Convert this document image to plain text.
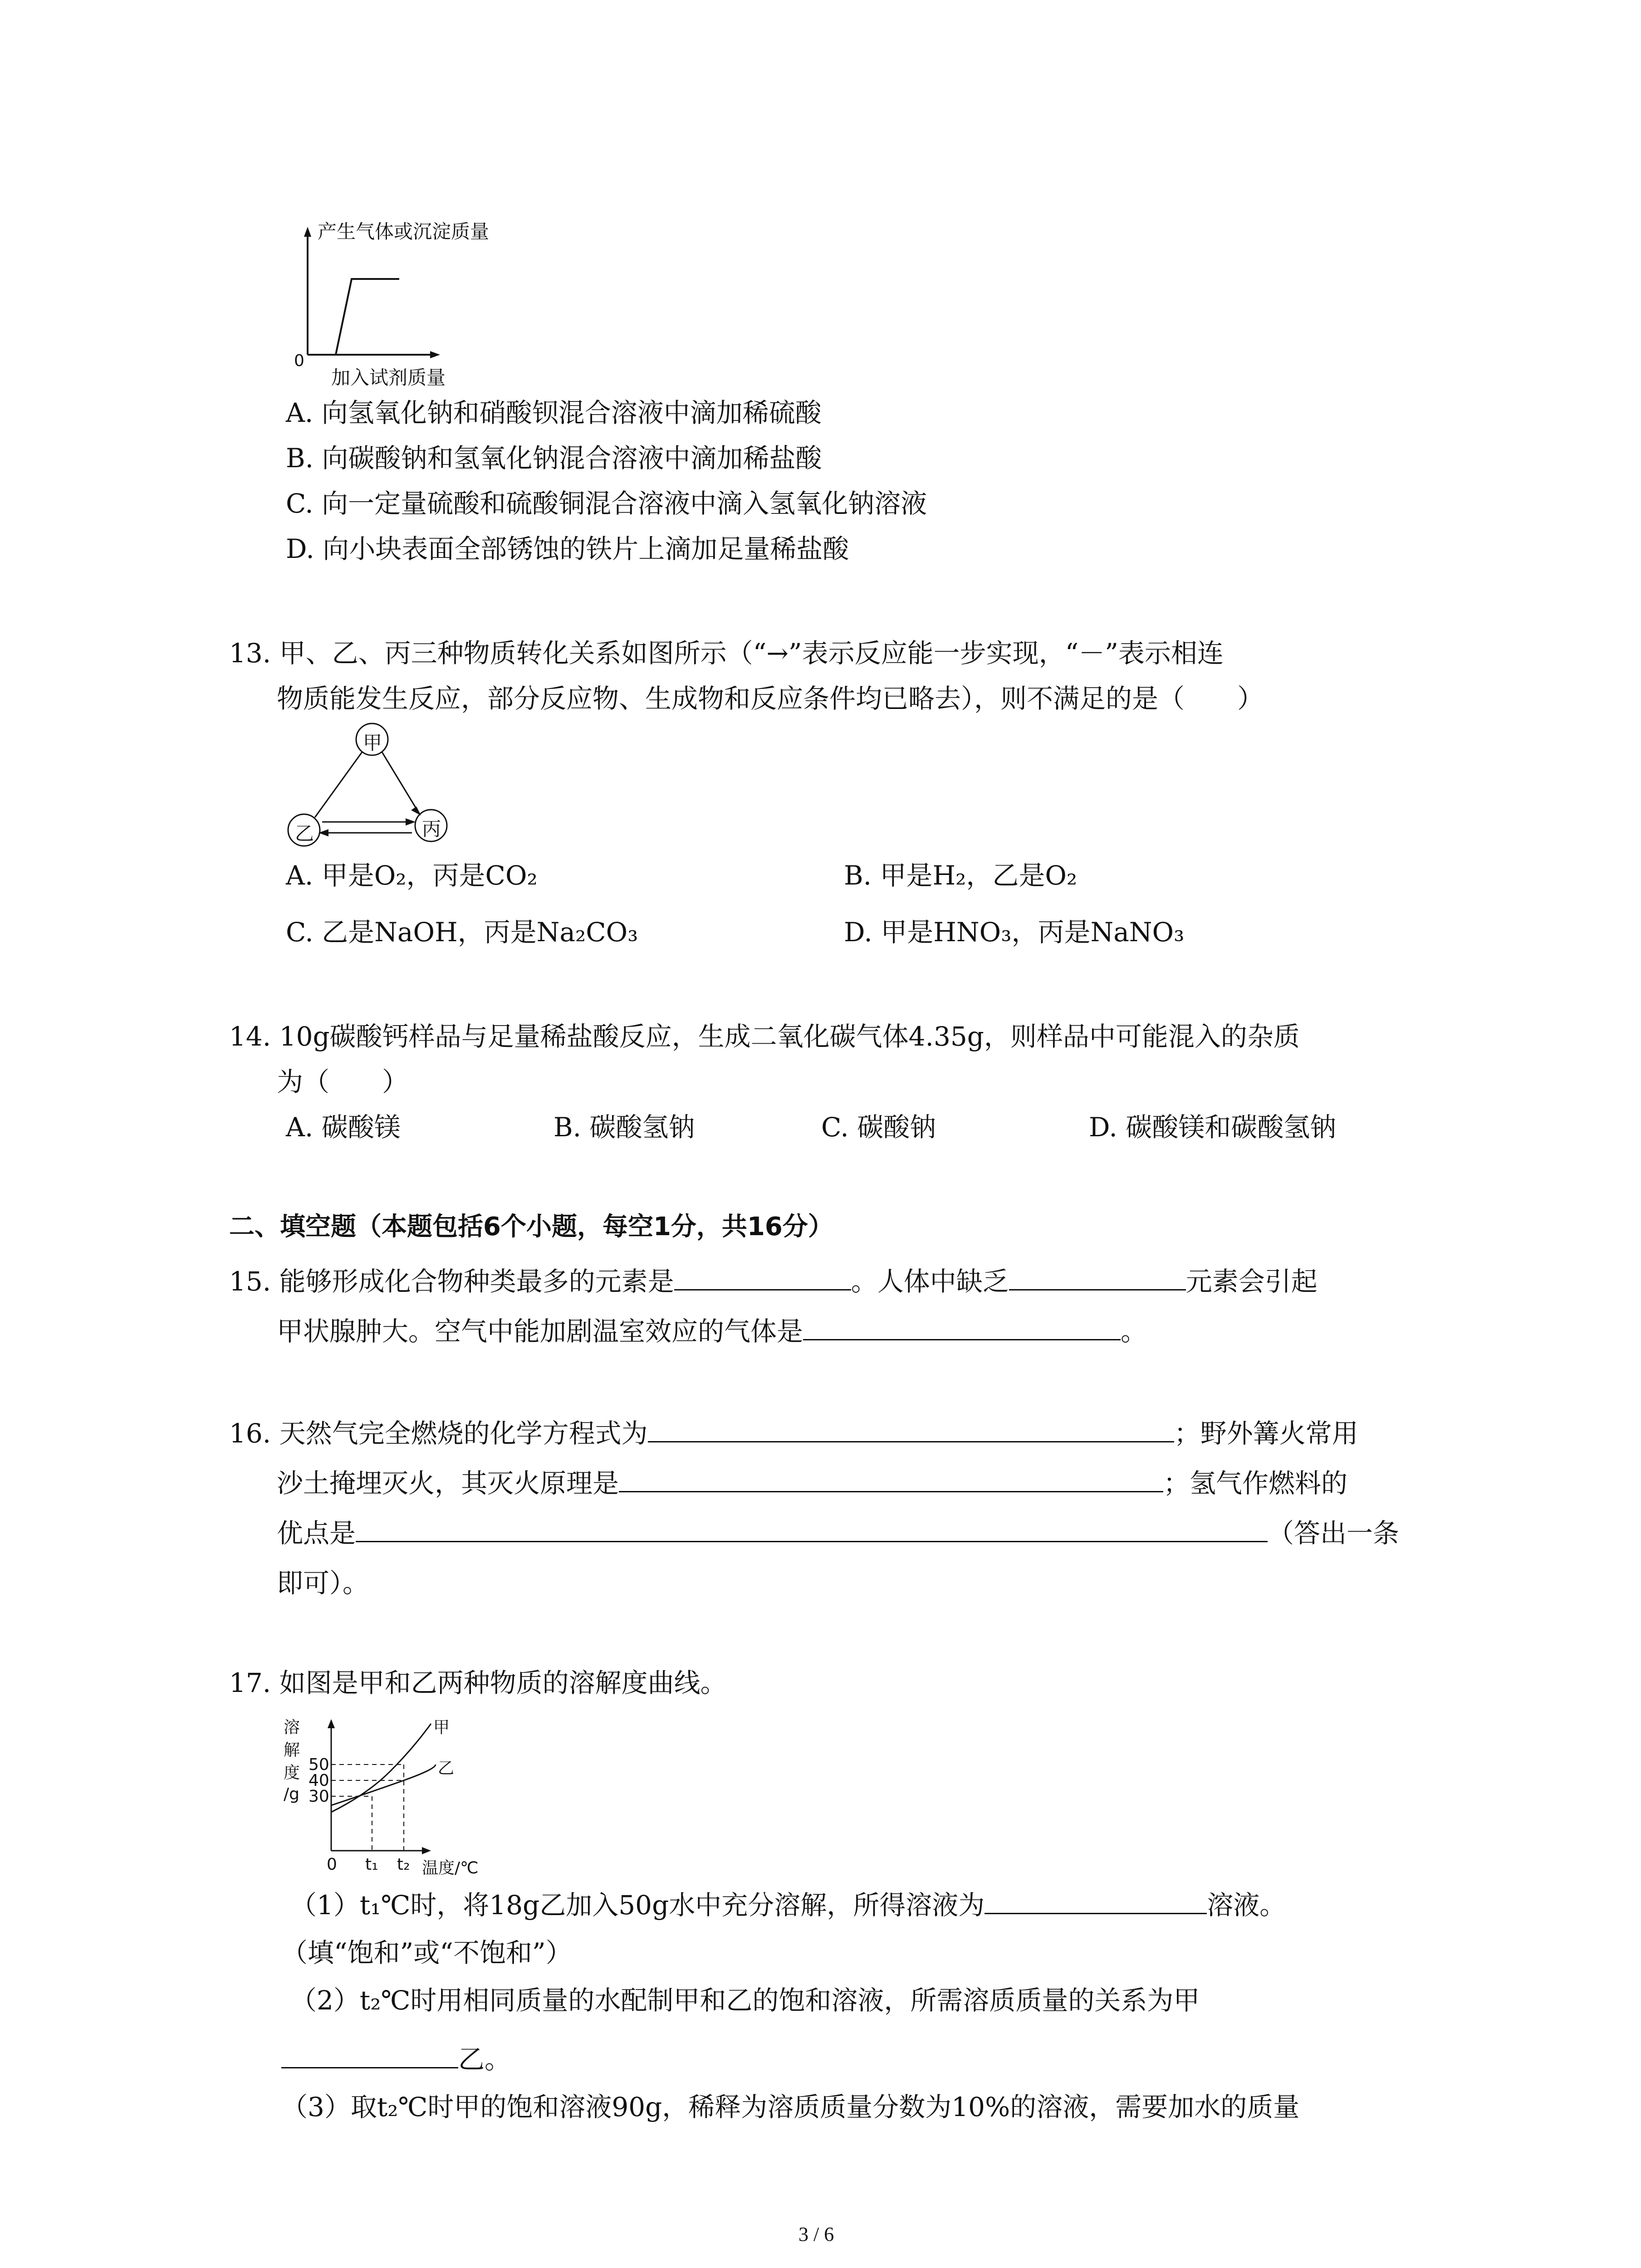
产生气体或沉淀质量
0
加入试剂质量
A. 向氢氧化钠和硝酸钡混合溶液中滴加稀硫酸
B. 向碳酸钠和氢氧化钠混合溶液中滴加稀盐酸
C. 向一定量硫酸和硫酸铜混合溶液中滴入氢氧化钠溶液
D. 向小块表面全部锈蚀的铁片上滴加足量稀盐酸
13. 甲、乙、丙三种物质转化关系如图所示（“→”表示反应能一步实现，“－”表示相连
物质能发生反应，部分反应物、生成物和反应条件均已略去），则不满足的是（　　）
甲
乙	丙
A. 甲是O₂，丙是CO₂	B. 甲是H₂，乙是O₂
C. 乙是NaOH，丙是Na₂CO₃	D. 甲是HNO₃，丙是NaNO₃
14. 10g碳酸钙样品与足量稀盐酸反应，生成二氧化碳气体4.35g，则样品中可能混入的杂质
为（　　）
A. 碳酸镁	B. 碳酸氢钠	C. 碳酸钠	D. 碳酸镁和碳酸氢钠
二、填空题（本题包括6个小题，每空1分，共16分）
15. 能够形成化合物种类最多的元素是	。人体中缺乏	元素会引起
甲状腺肿大。空气中能加剧温室效应的气体是	。
16. 天然气完全燃烧的化学方程式为	；野外篝火常用
沙土掩埋灭火，其灭火原理是	；氢气作燃料的
优点是	（答出一条
即可）。
17. 如图是甲和乙两种物质的溶解度曲线。
溶
解
度
/g
50
40
30
甲
乙
0 t₁ t₂ 温度/℃
（1）t₁℃时，将18g乙加入50g水中充分溶解，所得溶液为	溶液。
（填“饱和”或“不饱和”）
（2）t₂℃时用相同质量的水配制甲和乙的饱和溶液，所需溶质质量的关系为甲
乙。
（3）取t₂℃时甲的饱和溶液90g，稀释为溶质质量分数为10%的溶液，需要加水的质量
3 / 6
